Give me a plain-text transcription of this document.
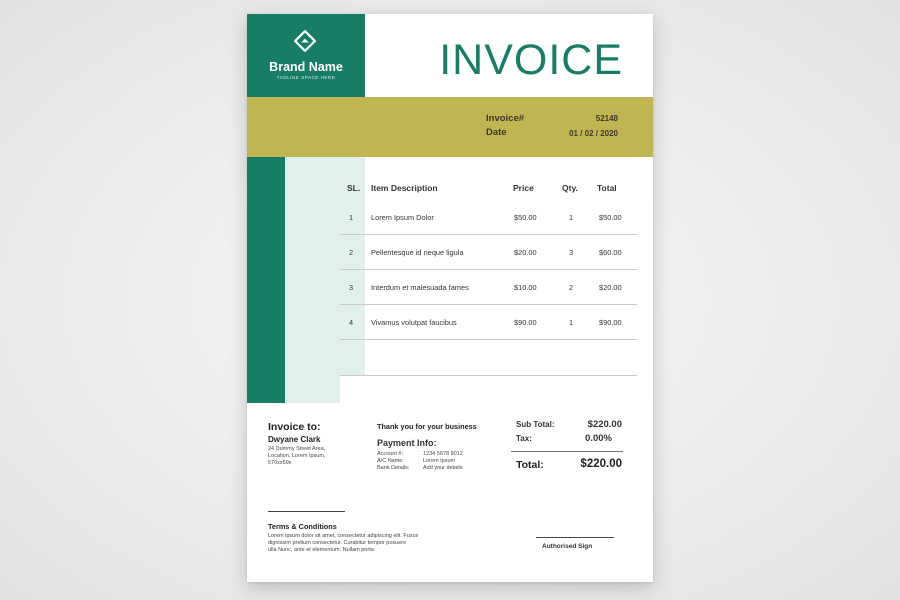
Brand Name
TAGLINE SPACE HERE	INVOICE
Invoice#	52148
Date	01 / 02 / 2020
SL. Item Description	Price	Qty. Total
1 Lorem Ipsum Dolor	$50.00	1	$50.00
2 Pellentesque id neque ligula	$20.00	3	$60.00
3 Interdum et malesuada fames	$10.00	2	$20.00
4 Vivamus volutpat faucibus	$90.00	1	$90.00
Invoice to:
Dwyane Clark
24 Dummy Street Area,
Location, Lorem Ipsum,
570xx59x
Thank you for your business
Payment Info:
Account #:	1234 5678 9012
A/C Name:	Lorem Ipsum
Bank Details: Add your details
Sub Total:	$220.00
Tax:	0.00%
Total:	$220.00
Terms & Conditions
Lorem ipsum dolor sit amet, consectetur adipiscing elit. Fusce
dignissim pretium consectetur. Curabitur tempor posuere
ulla Nunc, ante et elementum. Nullam porta	Authorised Sign
